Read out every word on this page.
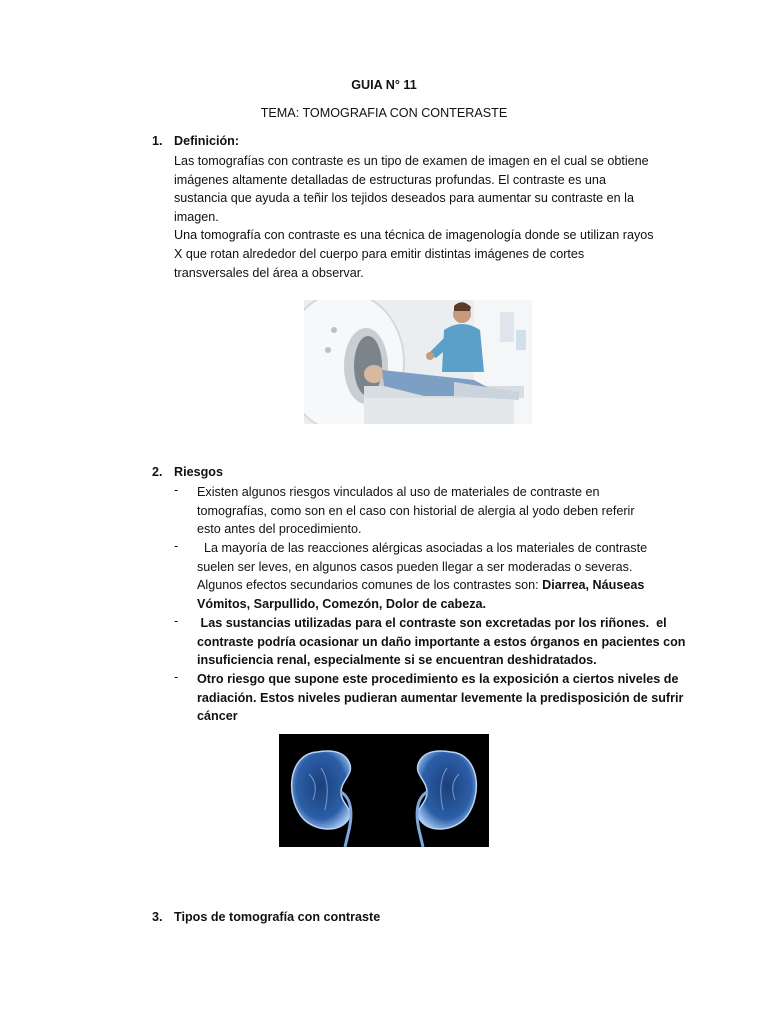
GUIA N° 11
TEMA: TOMOGRAFIA CON CONTERASTE
1. Definición:
Las tomografías con contraste es un tipo de examen de imagen en el cual se obtiene
imágenes altamente detalladas de estructuras profundas. El contraste es una
sustancia que ayuda a teñir los tejidos deseados para aumentar su contraste en la
imagen.
Una tomografía con contraste es una técnica de imagenología donde se utilizan rayos
X que rotan alrededor del cuerpo para emitir distintas imágenes de cortes
transversales del área a observar.
2. Riesgos
- Existen algunos riesgos vinculados al uso de materiales de contraste en
tomografías, como son en el caso con historial de alergia al yodo deben referir
esto antes del procedimiento.
- La mayoría de las reacciones alérgicas asociadas a los materiales de contraste
suelen ser leves, en algunos casos pueden llegar a ser moderadas o severas.
Algunos efectos secundarios comunes de los contrastes son: Diarrea, Náuseas
Vómitos, Sarpullido, Comezón, Dolor de cabeza.
- Las sustancias utilizadas para el contraste son excretadas por los riñones.  el
contraste podría ocasionar un daño importante a estos órganos en pacientes con
insuficiencia renal, especialmente si se encuentran deshidratados.
- Otro riesgo que supone este procedimiento es la exposición a ciertos niveles de
radiación. Estos niveles pudieran aumentar levemente la predisposición de sufrir
cáncer
3. Tipos de tomografía con contraste
